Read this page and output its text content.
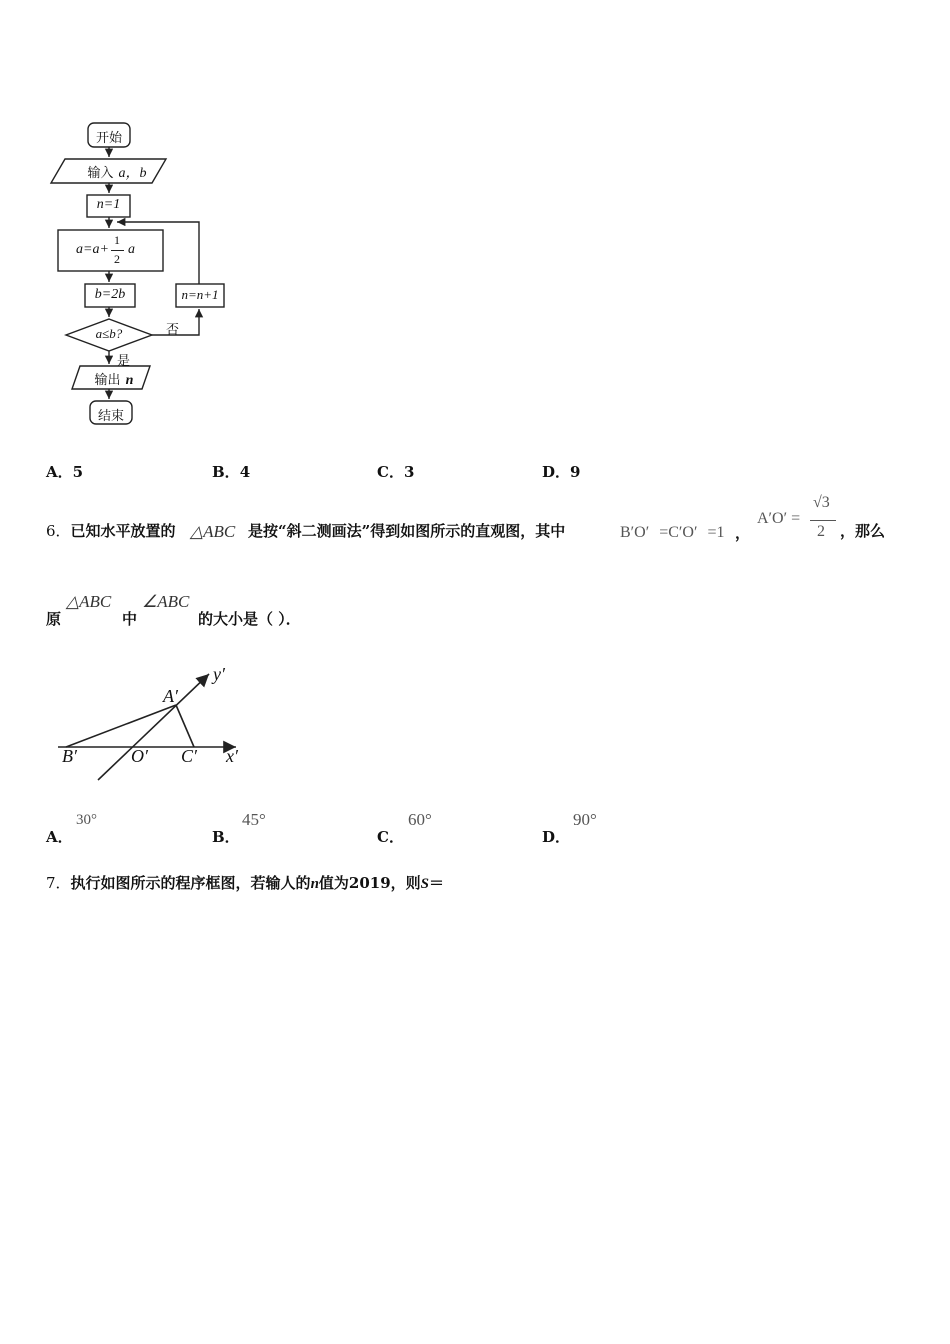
开始
输入 a，b
n=1
a=a+
1
2
a
b=2b	n=n+1
a≤b?	否
是
输出 n
结束
A．5	B．4	C．3	D．9
6．已知水平放置的 △ABC 是按“斜二测画法”得到如图所示的直观图，其中	B′O′ =C′O′ =1 ，
A′O′ =
√3
2 ，那么
原
△ABC
中
∠ABC
的大小是（ ）．
A′
B′	O′ C′ x′
y′
A．
30°
B．
45°
C．
60°
D．
90°
7．执行如图所示的程序框图，若输人的n值为2019，则S＝
